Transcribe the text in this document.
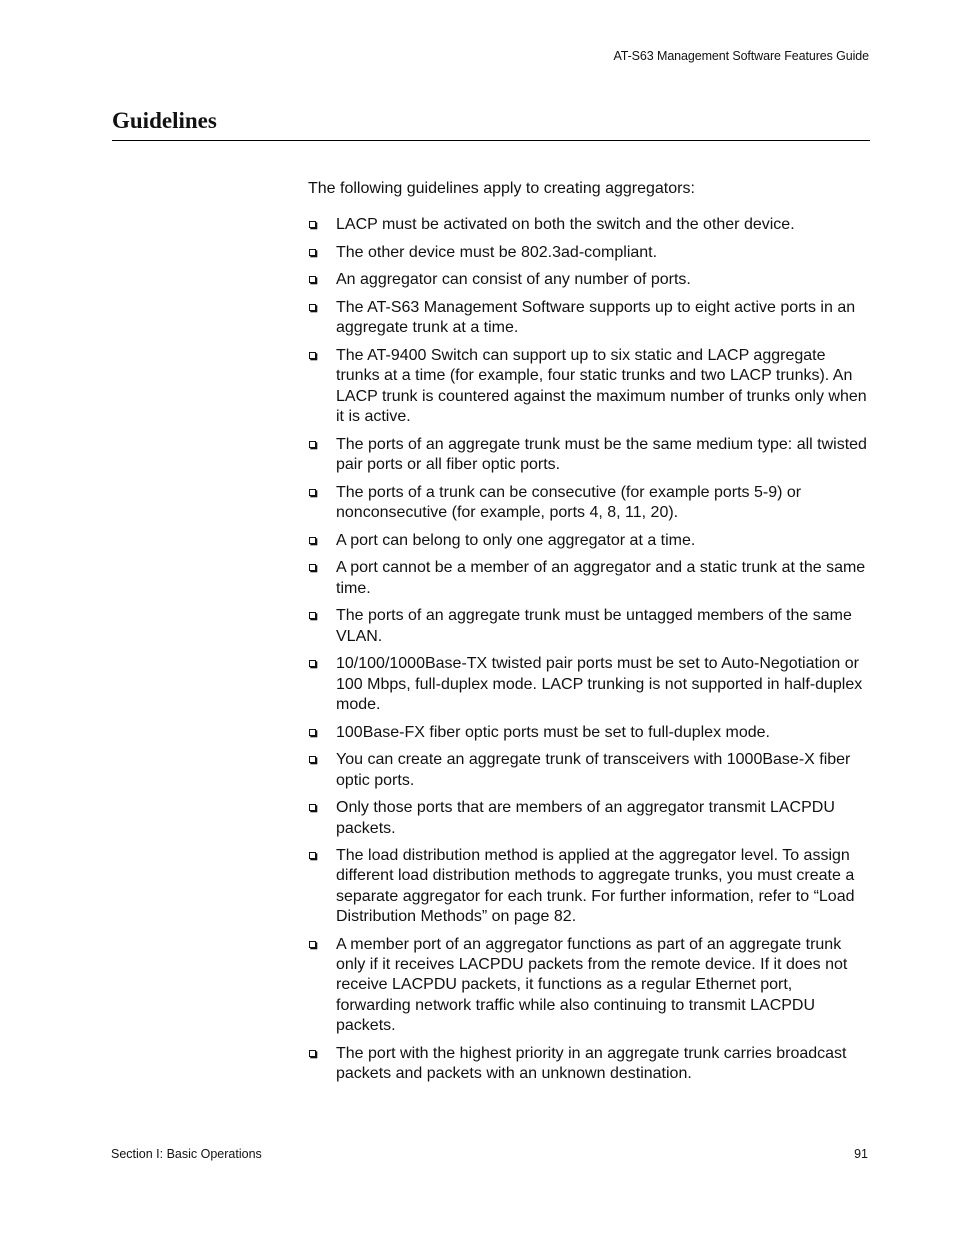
AT-S63 Management Software Features Guide
Guidelines

The following guidelines apply to creating aggregators:

LACP must be activated on both the switch and the other device.
The other device must be 802.3ad-compliant.
An aggregator can consist of any number of ports.
The AT-S63 Management Software supports up to eight active ports in an aggregate trunk at a time.
The AT-9400 Switch can support up to six static and LACP aggregate trunks at a time (for example, four static trunks and two LACP trunks). An LACP trunk is countered against the maximum number of trunks only when it is active.
The ports of an aggregate trunk must be the same medium type: all twisted pair ports or all fiber optic ports.
The ports of a trunk can be consecutive (for example ports 5-9) or nonconsecutive (for example, ports 4, 8, 11, 20).
A port can belong to only one aggregator at a time.
A port cannot be a member of an aggregator and a static trunk at the same time.
The ports of an aggregate trunk must be untagged members of the same VLAN.
10/100/1000Base-TX twisted pair ports must be set to Auto-Negotiation or 100 Mbps, full-duplex mode. LACP trunking is not supported in half-duplex mode.
100Base-FX fiber optic ports must be set to full-duplex mode.
You can create an aggregate trunk of transceivers with 1000Base-X fiber optic ports.
Only those ports that are members of an aggregator transmit LACPDU packets.
The load distribution method is applied at the aggregator level. To assign different load distribution methods to aggregate trunks, you must create a separate aggregator for each trunk. For further information, refer to “Load Distribution Methods” on page 82.
A member port of an aggregator functions as part of an aggregate trunk only if it receives LACPDU packets from the remote device. If it does not receive LACPDU packets, it functions as a regular Ethernet port, forwarding network traffic while also continuing to transmit LACPDU packets.
The port with the highest priority in an aggregate trunk carries broadcast packets and packets with an unknown destination.
Section I: Basic Operations	91
